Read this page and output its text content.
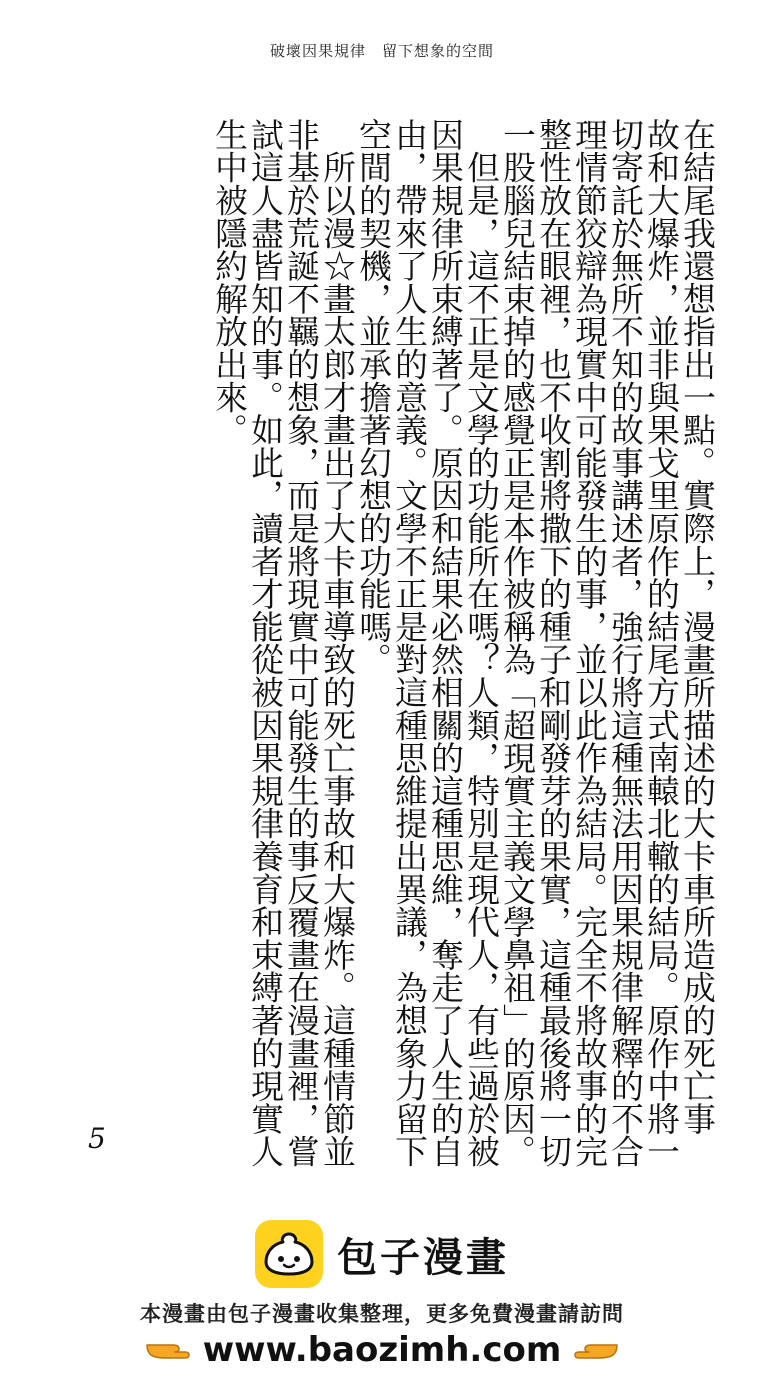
破壞因果規律　留下想象的空間
在結尾我還想指出一點。實際上，漫畫所描述的大卡車所造成的死亡事
故和大爆炸，並非與果戈里原作的結尾方式南轅北轍的結局。原作中將一
切寄託於無所不知的故事講述者，強行將這種無法用因果規律解釋的不合
理情節狡辯為現實中可能發生的事，並以此作為結局。完全不將故事的完
整性放在眼裡，也不收割將撒下的種子和剛發芽的果實，這種最後將一切
一股腦兒結束掉的感覺正是本作被稱為「超現實主義文學鼻祖」的原因。
　但是，這不正是文學的功能所在嗎？人類，特別是現代人，有些過於被
因果規律所束縛著了。原因和結果必然相關的這種思維，奪走了人生的自
由，帶來了人生的意義。文學不正是對這種思維提出異議，為想象力留下
空間的契機，並承擔著幻想的功能嗎。
　所以漫☆畫太郎才畫出了大卡車導致的死亡事故和大爆炸。這種情節並
非基於荒誕不羈的想象，而是將現實中可能發生的事反覆畫在漫畫裡，嘗
試這人盡皆知的事。如此，讀者才能從被因果規律養育和束縛著的現實人
生中被隱約解放出來。
5
包子漫畫
本漫畫由包子漫畫收集整理，更多免費漫畫請訪問
www.baozimh.com
